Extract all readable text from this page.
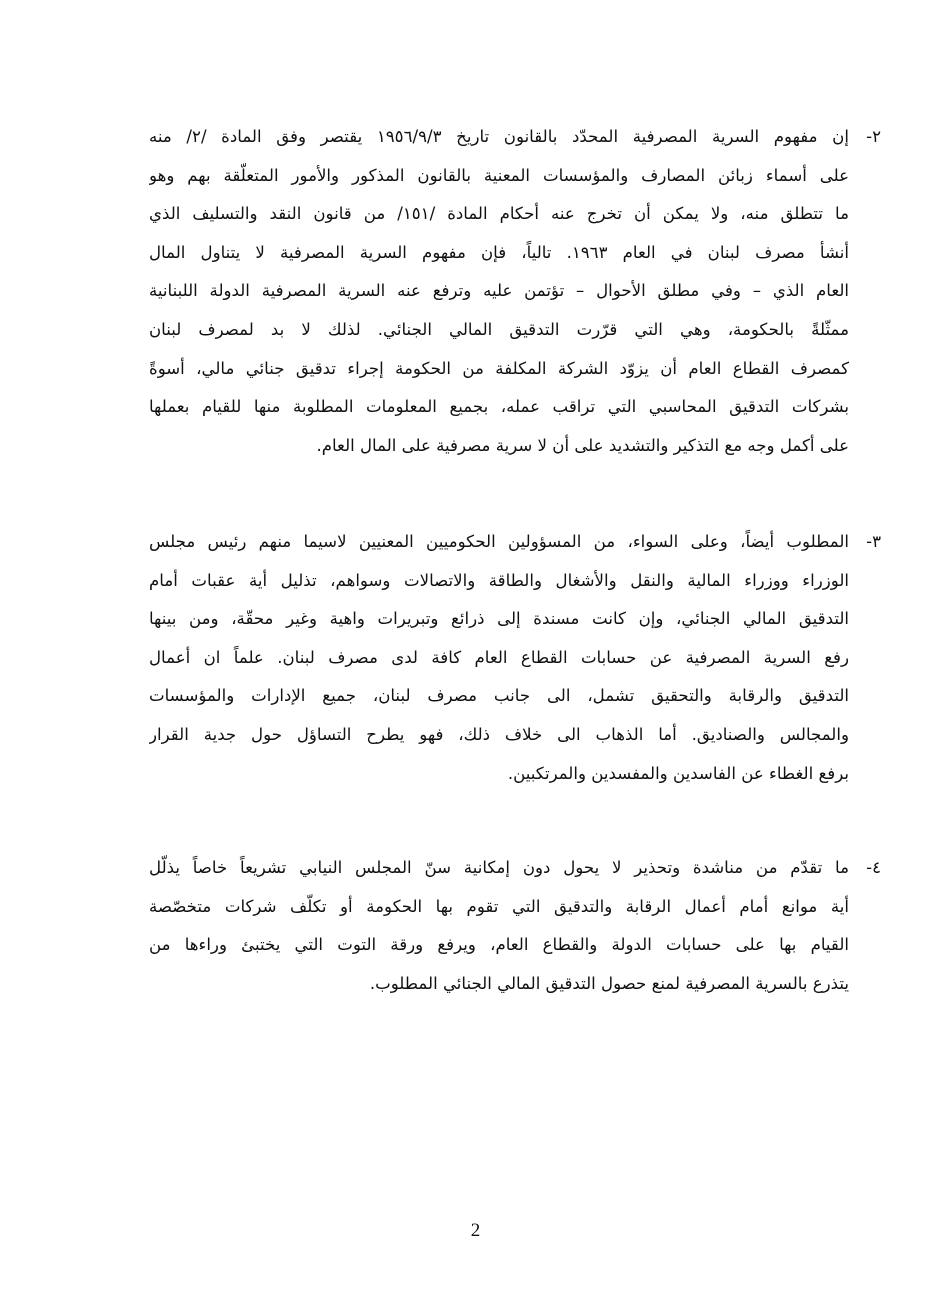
٢-
إن مفهوم السرية المصرفية المحدّد بالقانون تاريخ ١٩٥٦/٩/٣ يقتصر وفق المادة /٢/ منه
على أسماء زبائن المصارف والمؤسسات المعنية بالقانون المذكور والأمور المتعلّقة بهم وهو
ما تتطلق منه، ولا يمكن أن تخرج عنه أحكام المادة /١٥١/ من قانون النقد والتسليف الذي
أنشأ مصرف لبنان في العام ١٩٦٣. تالياً، فإن مفهوم السرية المصرفية لا يتناول المال
العام الذي – وفي مطلق الأحوال – تؤتمن عليه وترفع عنه السرية المصرفية الدولة اللبنانية
ممثّلةً بالحكومة، وهي التي قرّرت التدقيق المالي الجنائي. لذلك لا بد لمصرف لبنان
كمصرف القطاع العام أن يزوّد الشركة المكلفة من الحكومة إجراء تدقيق جنائي مالي، أسوةً
بشركات التدقيق المحاسبي التي تراقب عمله، بجميع المعلومات المطلوبة منها للقيام بعملها
على أكمل وجه مع التذكير والتشديد على أن لا سرية مصرفية على المال العام.
٣-
المطلوب أيضاً، وعلى السواء، من المسؤولين الحكوميين المعنيين لاسيما منهم رئيس مجلس
الوزراء ووزراء المالية والنقل والأشغال والطاقة والاتصالات وسواهم، تذليل أية عقبات أمام
التدقيق المالي الجنائي، وإن كانت مسندة إلى ذرائع وتبريرات واهية وغير محقّة، ومن بينها
رفع السرية المصرفية عن حسابات القطاع العام كافة لدى مصرف لبنان. علماً ان أعمال
التدقيق والرقابة والتحقيق تشمل، الى جانب مصرف لبنان، جميع الإدارات والمؤسسات
والمجالس والصناديق. أما الذهاب الى خلاف ذلك، فهو يطرح التساؤل حول جدية القرار
برفع الغطاء عن الفاسدين والمفسدين والمرتكبين.
٤-
ما تقدّم من مناشدة وتحذير لا يحول دون إمكانية سنّ المجلس النيابي تشريعاً خاصاً يذلّل
أية موانع أمام أعمال الرقابة والتدقيق التي تقوم بها الحكومة أو تكلّف شركات متخصّصة
القيام بها على حسابات الدولة والقطاع العام، ويرفع ورقة التوت التي يختبئ وراءها من
يتذرع بالسرية المصرفية لمنع حصول التدقيق المالي الجنائي المطلوب.
2
